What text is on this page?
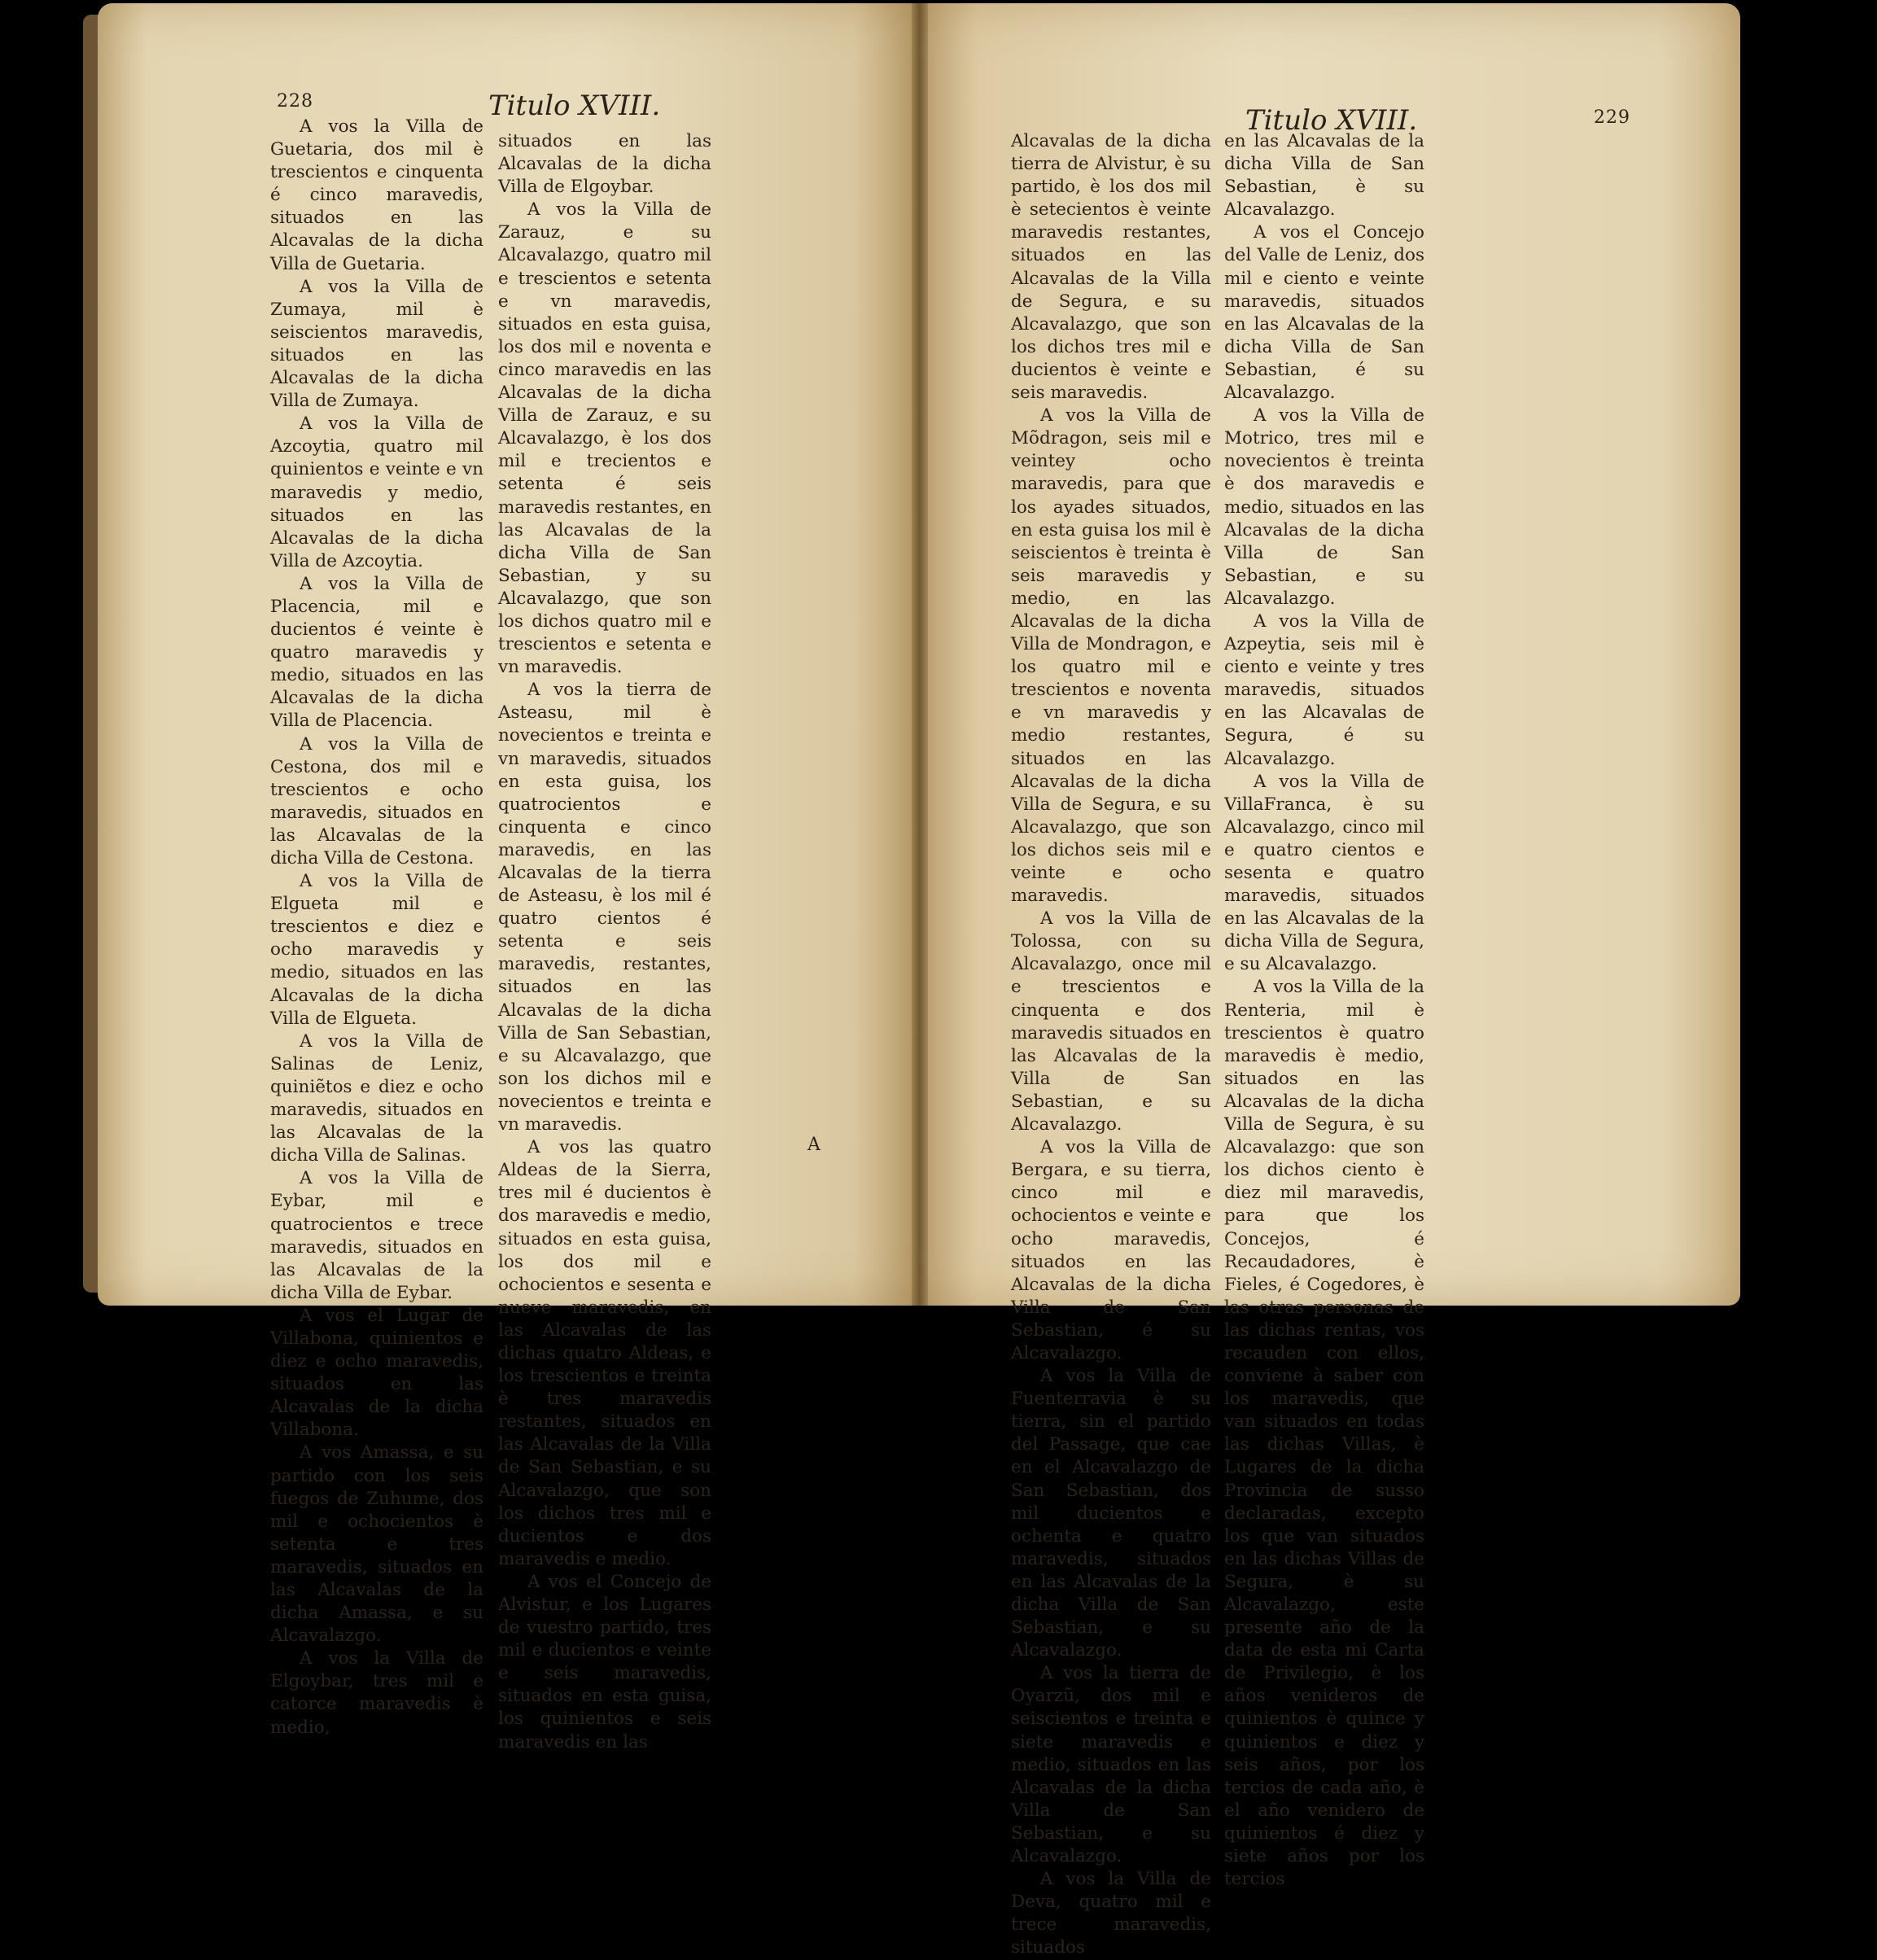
228	Titulo XVIII.

A vos la Villa de Guetaria, dos mil è trescientos e cinquenta é cinco maravedis, situados en las Alcavalas de la dicha Villa de Guetaria.

A vos la Villa de Zumaya, mil è seiscientos maravedis, situados en las Alcavalas de la dicha Villa de Zumaya.

A vos la Villa de Azcoytia, quatro mil quinientos e veinte e vn maravedis y medio, situados en las Alcavalas de la dicha Villa de Azcoytia.

A vos la Villa de Placencia, mil e ducientos é veinte è quatro maravedis y medio, situados en las Alcavalas de la dicha Villa de Placencia.

A vos la Villa de Cestona, dos mil e trescientos e ocho maravedis, situados en las Alcavalas de la dicha Villa de Cestona.

A vos la Villa de Elgueta mil e trescientos e diez e ocho maravedis y medio, situados en las Alcavalas de la dicha Villa de Elgueta.

A vos la Villa de Salinas de Leniz, quiniẽtos e diez e ocho maravedis, situados en las Alcavalas de la dicha Villa de Salinas.

A vos la Villa de Eybar, mil e quatrocientos e trece maravedis, situados en las Alcavalas de la dicha Villa de Eybar.

A vos el Lugar de Villabona, quinientos e diez e ocho maravedis, situados en las Alcavalas de la dicha Villabona.

A vos Amassa, e su partido con los seis fuegos de Zuhume, dos mil e ochocientos è setenta e tres maravedis, situados en las Alcavalas de la dicha Amassa, e su Alcavalazgo.

A vos la Villa de Elgoybar, tres mil e catorce maravedis è medio,

situados en las Alcavalas de la dicha Villa de Elgoybar.

A vos la Villa de Zarauz, e su Alcavalazgo, quatro mil e trescientos e setenta e vn maravedis, situados en esta guisa, los dos mil e noventa e cinco maravedis en las Alcavalas de la dicha Villa de Zarauz, e su Alcavalazgo, è los dos mil e trecientos e setenta é seis maravedis restantes, en las Alcavalas de la dicha Villa de San Sebastian, y su Alcavalazgo, que son los dichos quatro mil e trescientos e setenta e vn maravedis.

A vos la tierra de Asteasu, mil è novecientos e treinta e vn maravedis, situados en esta guisa, los quatrocientos e cinquenta e cinco maravedis, en las Alcavalas de la tierra de Asteasu, è los mil é quatro cientos é setenta e seis maravedis, restantes, situados en las Alcavalas de la dicha Villa de San Sebastian, e su Alcavalazgo, que son los dichos mil e novecientos e treinta e vn maravedis.

A vos las quatro Aldeas de la Sierra, tres mil é ducientos è dos maravedis e medio, situados en esta guisa, los dos mil e ochocientos e sesenta e nueve maravedis, en las Alcavalas de las dichas quatro Aldeas, e los trescientos e treinta è tres maravedis restantes, situados en las Alcavalas de la Villa de San Sebastian, e su Alcavalazgo, que son los dichos tres mil e ducientos e dos maravedis e medio.

A vos el Concejo de Alvistur, e los Lugares de vuestro partido, tres mil e ducientos e veinte e seis maravedis, situados en esta guisa, los quinientos e seis maravedis en las

A
Titulo XVIII.	229

Alcavalas de la dicha tierra de Alvistur, è su partido, è los dos mil è setecientos è veinte maravedis restantes, situados en las Alcavalas de la Villa de Segura, e su Alcavalazgo, que son los dichos tres mil e ducientos è veinte e seis maravedis.

A vos la Villa de Mõdragon, seis mil e veintey ocho maravedis, para que los ayades situados, en esta guisa los mil è seiscientos è treinta è seis maravedis y medio, en las Alcavalas de la dicha Villa de Mondragon, e los quatro mil e trescientos e noventa e vn maravedis y medio restantes, situados en las Alcavalas de la dicha Villa de Segura, e su Alcavalazgo, que son los dichos seis mil e veinte e ocho maravedis.

A vos la Villa de Tolossa, con su Alcavalazgo, once mil e trescientos e cinquenta e dos maravedis situados en las Alcavalas de la Villa de San Sebastian, e su Alcavalazgo.

A vos la Villa de Bergara, e su tierra, cinco mil e ochocientos e veinte e ocho maravedis, situados en las Alcavalas de la dicha Villa de San Sebastian, é su Alcavalazgo.

A vos la Villa de Fuenterravia è su tierra, sin el partido del Passage, que cae en el Alcavalazgo de San Sebastian, dos mil ducientos e ochenta e quatro maravedis, situados en las Alcavalas de la dicha Villa de San Sebastian, e su Alcavalazgo.

A vos la tierra de Oyarzũ, dos mil e seiscientos e treinta e siete maravedis e medio, situados en las Alcavalas de la dicha Villa de San Sebastian, e su Alcavalazgo.

A vos la Villa de Deva, quatro mil e trece maravedis, situados

en las Alcavalas de la dicha Villa de San Sebastian, è su Alcavalazgo.

A vos el Concejo del Valle de Leniz, dos mil e ciento e veinte maravedis, situados en las Alcavalas de la dicha Villa de San Sebastian, é su Alcavalazgo.

A vos la Villa de Motrico, tres mil e novecientos è treinta è dos maravedis e medio, situados en las Alcavalas de la dicha Villa de San Sebastian, e su Alcavalazgo.

A vos la Villa de Azpeytia, seis mil è ciento e veinte y tres maravedis, situados en las Alcavalas de Segura, é su Alcavalazgo.

A vos la Villa de VillaFranca, è su Alcavalazgo, cinco mil e quatro cientos e sesenta e quatro maravedis, situados en las Alcavalas de la dicha Villa de Segura, e su Alcavalazgo.

A vos la Villa de la Renteria, mil è trescientos è quatro maravedis è medio, situados en las Alcavalas de la dicha Villa de Segura, è su Alcavalazgo: que son los dichos ciento è diez mil maravedis, para que los Concejos, é Recaudadores, è Fieles, é Cogedores, è las otras personas de las dichas rentas, vos recauden con ellos, conviene à saber con los maravedis, que van situados en todas las dichas Villas, è Lugares de la dicha Provincia de susso declaradas, excepto los que van situados en las dichas Villas de Segura, è su Alcavalazgo, este presente año de la data de esta mi Carta de Privilegio, è los años venideros de quinientos è quince y quinientos e diez y seis años, por los tercios de cada año, è el año venidero de quinientos é diez y siete años por los tercios
